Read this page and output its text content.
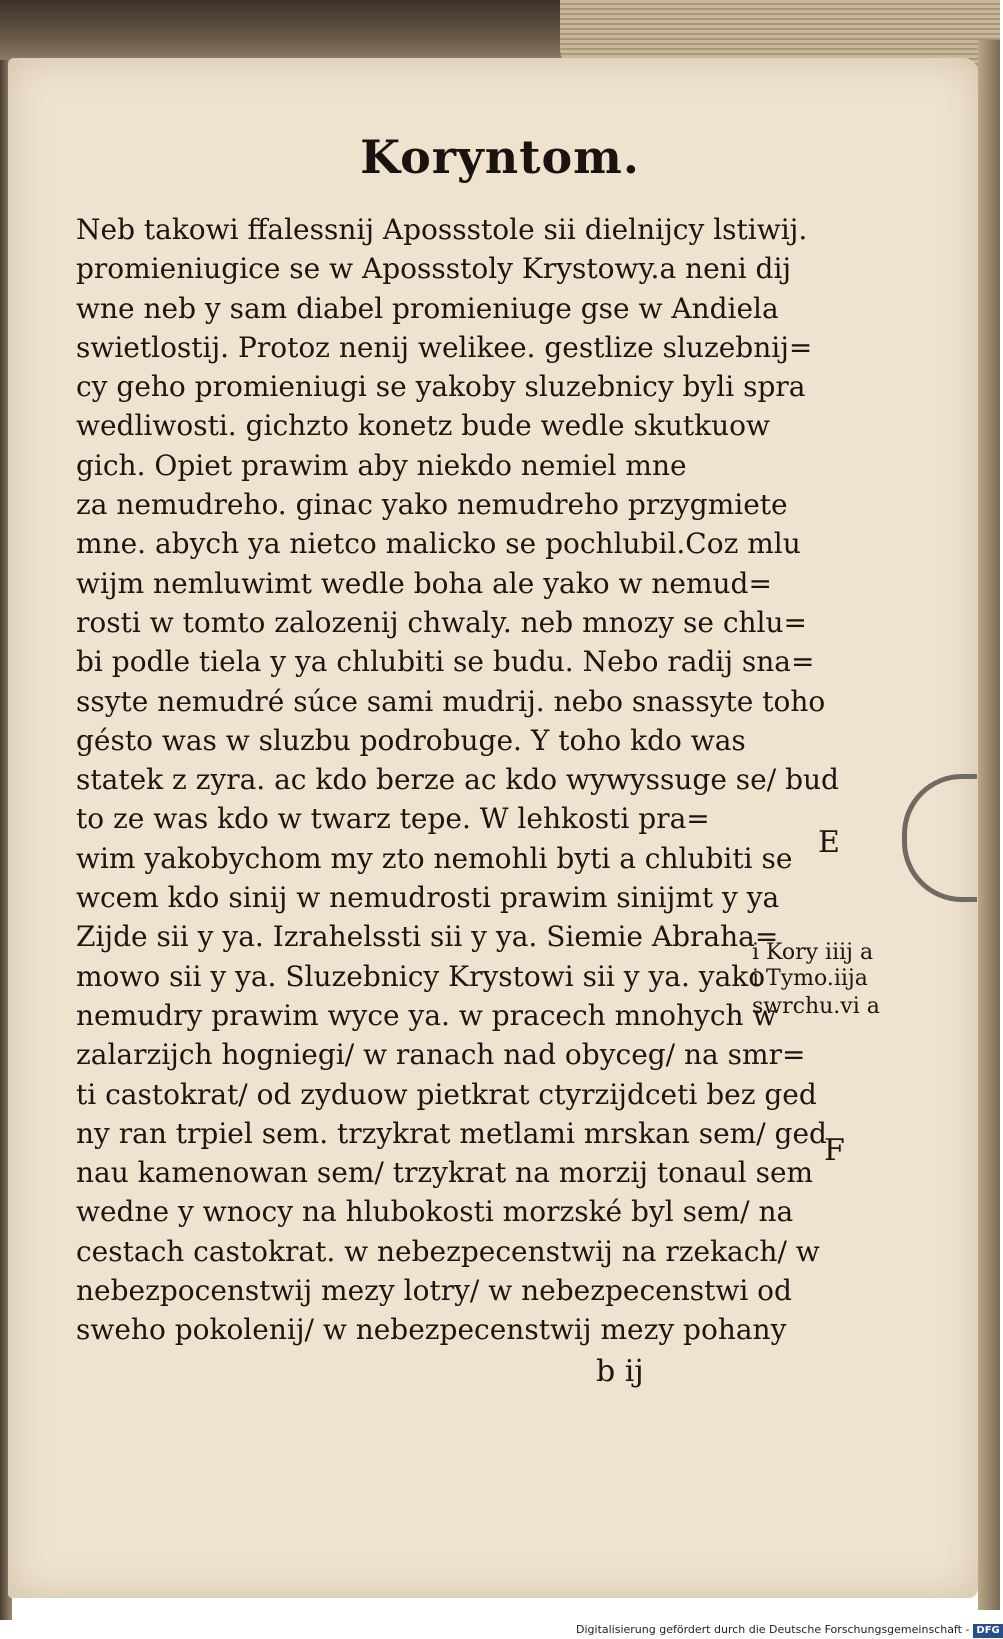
Koryntom.
Neb takowi ffalessnij Apossstole sii dielnijcy lstiwij.
promieniugice se w Apossstoly Krystowy.a neni dij
wne neb y sam diabel promieniuge gse w Andiela
swietlostij. Protoz nenij welikee. gestlize sluzebnij=
cy geho promieniugi se yakoby sluzebnicy byli spra
wedliwosti. gichzto konetz bude wedle skutkuow
gich. Opiet prawim aby niekdo nemiel mne
za nemudreho. ginac yako nemudreho przygmiete
mne. abych ya nietco malicko se pochlubil.Coz mlu
wijm nemluwimt wedle boha ale yako w nemud=
rosti w tomto zalozenij chwaly. neb mnozy se chlu=
bi podle tiela y ya chlubiti se budu. Nebo radij sna=
ssyte nemudré súce sami mudrij. nebo snassyte toho
gésto was w sluzbu podrobuge. Y toho kdo was
statek z zyra. ac kdo berze ac kdo wywyssuge se/ bud
to ze was kdo w twarz tepe. W lehkosti pra=
wim yakobychom my zto nemohli byti a chlubiti se
wcem kdo sinij w nemudrosti prawim sinijmt y ya
Zijde sii y ya. Izrahelssti sii y ya. Siemie Abraha=
mowo sii y ya. Sluzebnicy Krystowi sii y ya. yako
nemudry prawim wyce ya. w pracech mnohych w
zalarzijch hogniegi/ w ranach nad obyceg/ na smr=
ti castokrat/ od zyduow pietkrat ctyrzijdceti bez ged
ny ran trpiel sem. trzykrat metlami mrskan sem/ ged
nau kamenowan sem/ trzykrat na morzij tonaul sem
wedne y wnocy na hlubokosti morzské byl sem/ na
cestach castokrat. w nebezpecenstwij na rzekach/ w
nebezpocenstwij mezy lotry/ w nebezpecenstwi od
sweho pokolenij/ w nebezpecenstwij mezy pohany
E
i Kory iiij a
i Tymo.iija
swrchu.vi a
F
b ij
Digitalisierung gefördert durch die Deutsche Forschungsgemeinschaft - DFG
